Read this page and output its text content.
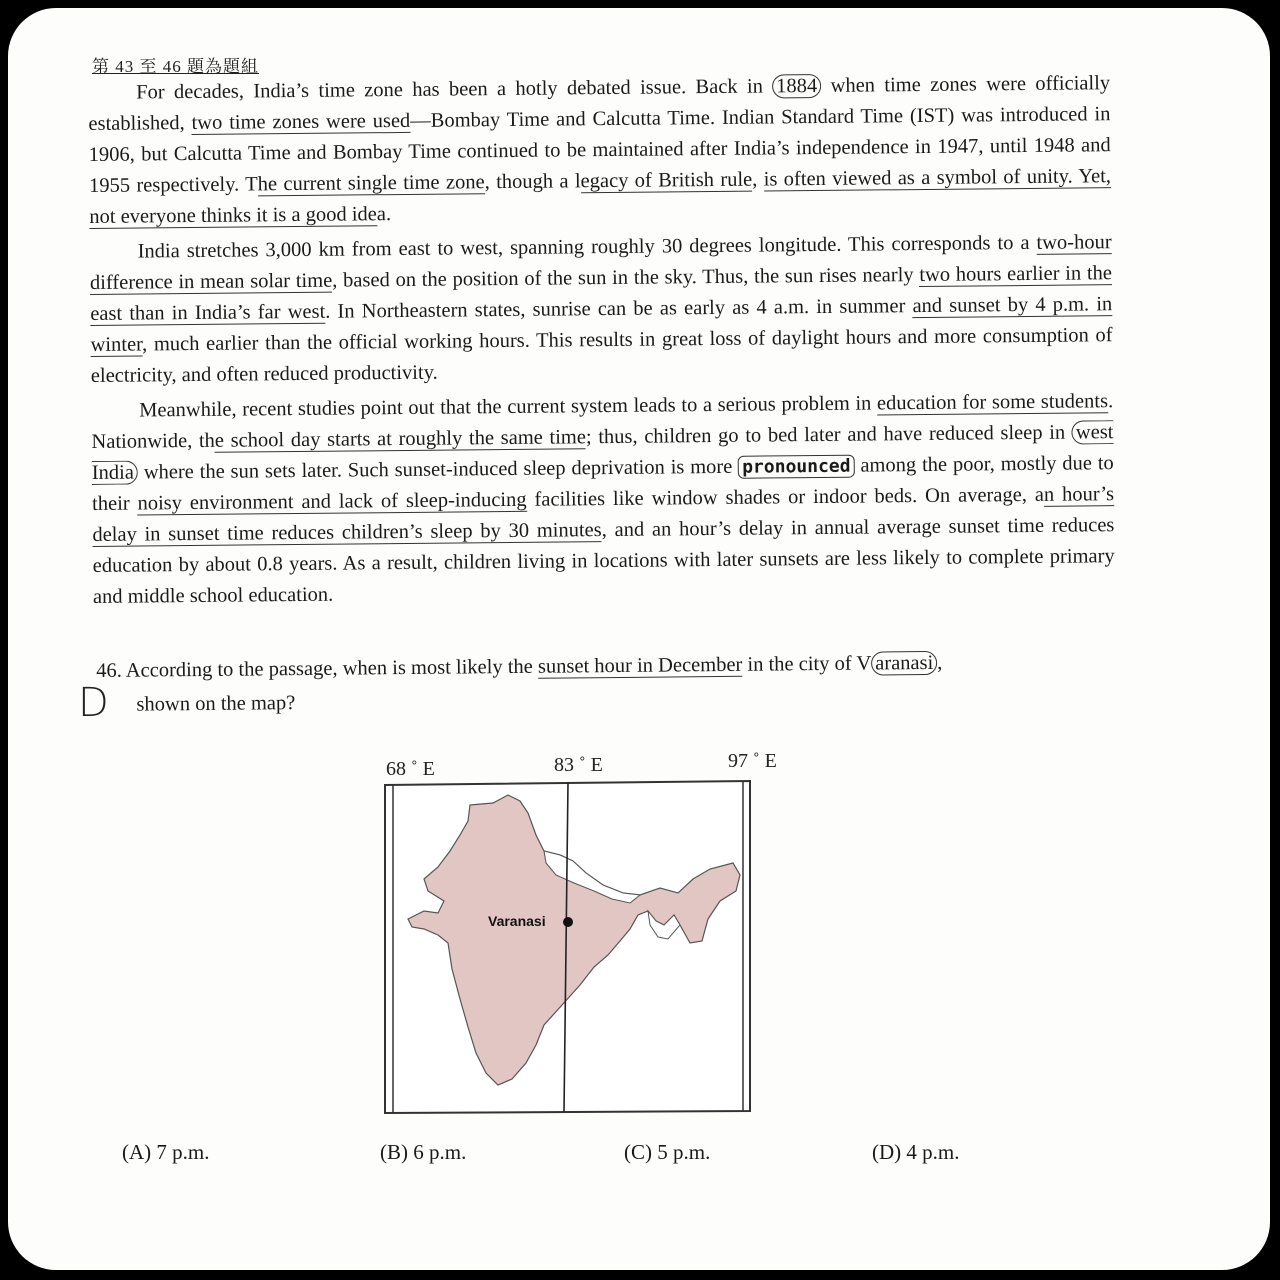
第 43 至 46 題為題組

For decades, India’s time zone has been a hotly debated issue. Back in 1884 when time zones were officially established, two time zones were used—Bombay Time and Calcutta Time. Indian Standard Time (IST) was introduced in 1906, but Calcutta Time and Bombay Time continued to be maintained after India’s independence in 1947, until 1948 and 1955 respectively. The current single time zone, though a legacy of British rule, is often viewed as a symbol of unity. Yet, not everyone thinks it is a good idea.

India stretches 3,000 km from east to west, spanning roughly 30 degrees longitude. This corresponds to a two-hour difference in mean solar time, based on the position of the sun in the sky. Thus, the sun rises nearly two hours earlier in the east than in India’s far west. In Northeastern states, sunrise can be as early as 4 a.m. in summer and sunset by 4 p.m. in winter, much earlier than the official working hours. This results in great loss of daylight hours and more consumption of electricity, and often reduced productivity.

Meanwhile, recent studies point out that the current system leads to a serious problem in education for some students. Nationwide, the school day starts at roughly the same time; thus, children go to bed later and have reduced sleep in west India where the sun sets later. Such sunset-induced sleep deprivation is more pronounced among the poor, mostly due to their noisy environment and lack of sleep-inducing facilities like window shades or indoor beds. On average, an hour’s delay in sunset time reduces children’s sleep by 30 minutes, and an hour’s delay in annual average sunset time reduces education by about 0.8 years. As a result, children living in locations with later sunsets are less likely to complete primary and middle school education.

D
46. According to the passage, when is most likely the sunset hour in December in the city of V aranasi ,
shown on the map?
68 ˚ E	83 ˚ E	97 ˚ E
Varanasi
(A) 7 p.m.	(B) 6 p.m.	(C) 5 p.m.	(D) 4 p.m.
